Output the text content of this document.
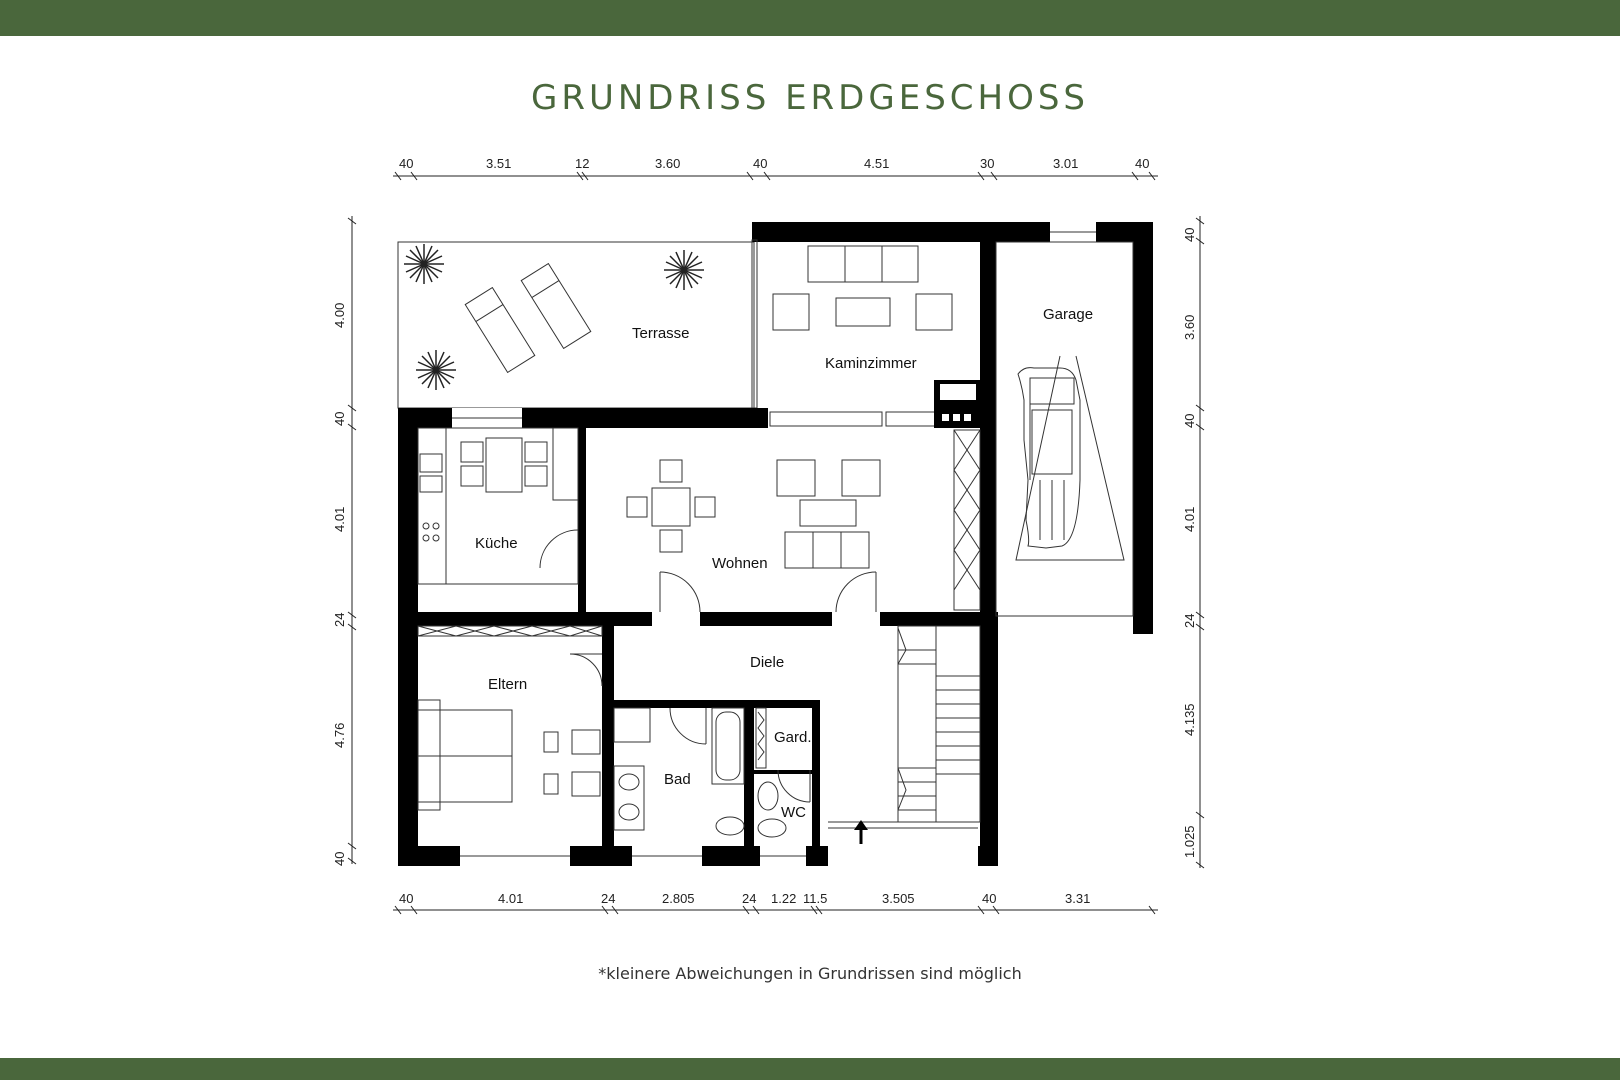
GRUNDRISS ERDGESCHOSS
40	3.51	12	3.60	40	4.51	30	3.01	40
40	4.01	24	2.805	24 1.22 11.5	3.505	40	3.31
4.00
40
4.01
24
4.76
40
40
3.60
40
4.01
24
4.135
1.025
Terrasse
Kaminzimmer
Garage
Küche
Wohnen
Diele
Eltern
Bad
Gard.
WC
*kleinere Abweichungen in Grundrissen sind möglich
